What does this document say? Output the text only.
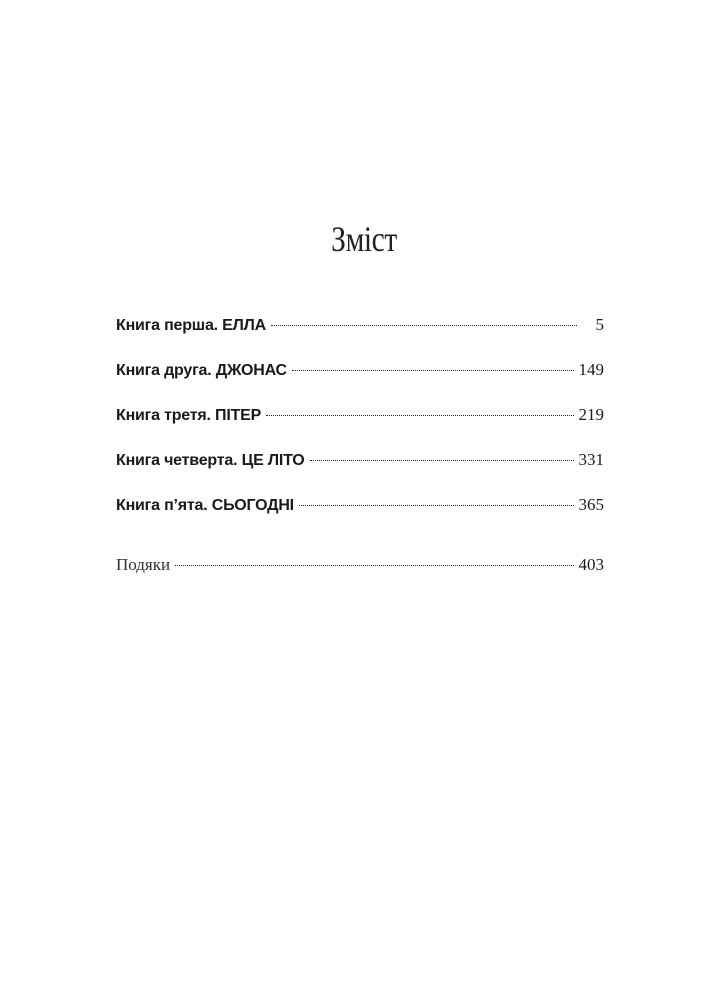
Зміст
Книга перша. ЕЛЛА	5
Книга друга. ДЖОНАС	149
Книга третя. ПІТЕР	219
Книга четверта. ЦЕ ЛІТО	331
Книга п’ята. СЬОГОДНІ	365
Подяки	403
